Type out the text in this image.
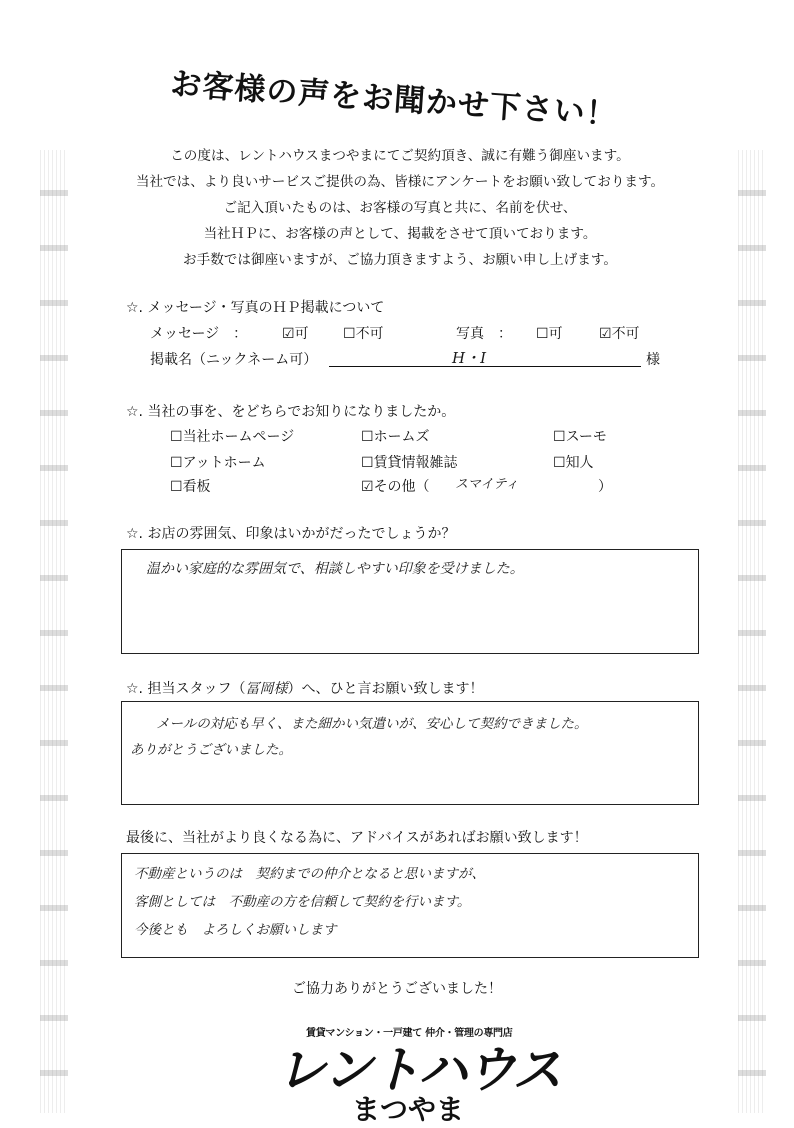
お客様の声をお聞かせ下さい！
この度は、レントハウスまつやまにてご契約頂き、誠に有難う御座います。
当社では、より良いサービスご提供の為、皆様にアンケートをお願い致しております。
ご記入頂いたものは、お客様の写真と共に、名前を伏せ、
当社ＨＰに、お客様の声として、掲載をさせて頂いております。
お手数では御座いますが、ご協力頂きますよう、お願い申し上げます。
☆. メッセージ・写真のＨＰ掲載について
メッセージ　： ☑可 ☐不可	写真　： ☐可	☑不可
掲載名（ニックネーム可）	H・I	様
☆. 当社の事を、をどちらでお知りになりましたか。
☐当社ホームページ	☐ホームズ	☐スーモ
☐アットホーム	☐賃貸情報雑誌	☐知人
☐看板	☑その他（ スマイティ	）
☆. お店の雰囲気、印象はいかがだったでしょうか？
温かい家庭的な雰囲気で、相談しやすい印象を受けました。
☆. 担当スタッフ（冨岡様）へ、ひと言お願い致します！
メールの対応も早く、また細かい気遣いが、安心して契約できました。
ありがとうございました。
最後に、当社がより良くなる為に、アドバイスがあればお願い致します！
不動産というのは　契約までの仲介となると思いますが、
客側としては　不動産の方を信頼して契約を行います。
今後とも　よろしくお願いします
ご協力ありがとうございました！
賃貸マンション・一戸建て 仲介・管理の専門店
レントハウス
まつやま
